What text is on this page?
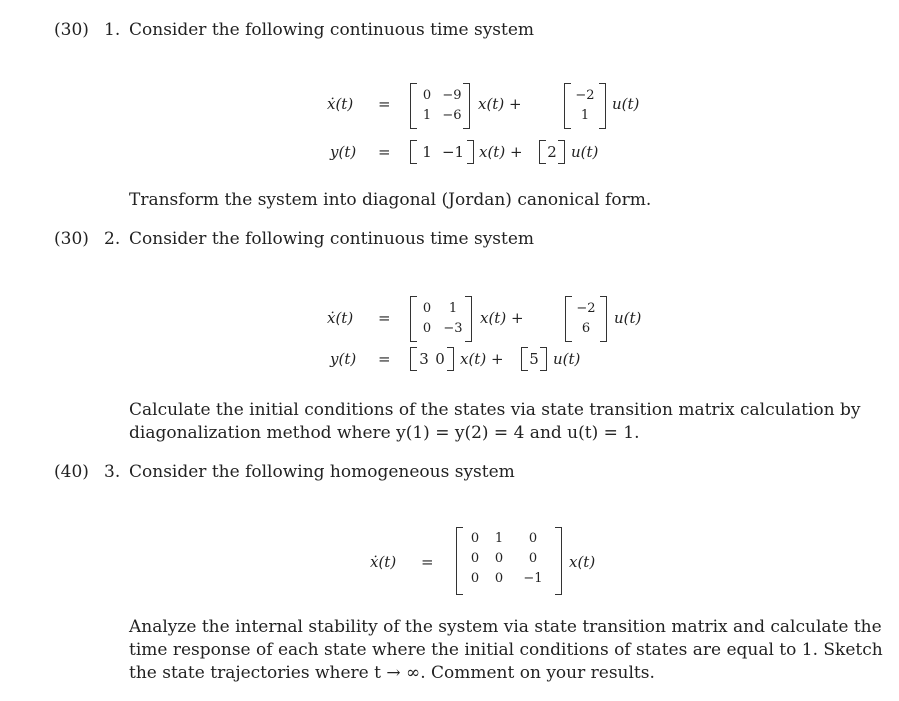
(30) 1. Consider the following continuous time system
ẋ(t) = 0 −9
1 −6
x(t) +	−2
1
u(t)
y(t) = 1 −1 x(t) + 2 u(t)
Transform the system into diagonal (Jordan) canonical form.
(30) 2. Consider the following continuous time system
ẋ(t) =
0	1
0 −3
x(t) +
−2
6
u(t)
y(t) = 3 0 x(t) + 5 u(t)
Calculate the initial conditions of the states via state transition matrix calculation by
diagonalization method where y(1) = y(2) = 4 and u(t) = 1.
(40) 3. Consider the following homogeneous system
ẋ(t) =
0 1	0
0 0	0
0 0	−1
x(t)
Analyze the internal stability of the system via state transition matrix and calculate the
time response of each state where the initial conditions of states are equal to 1. Sketch
the state trajectories where t → ∞. Comment on your results.
